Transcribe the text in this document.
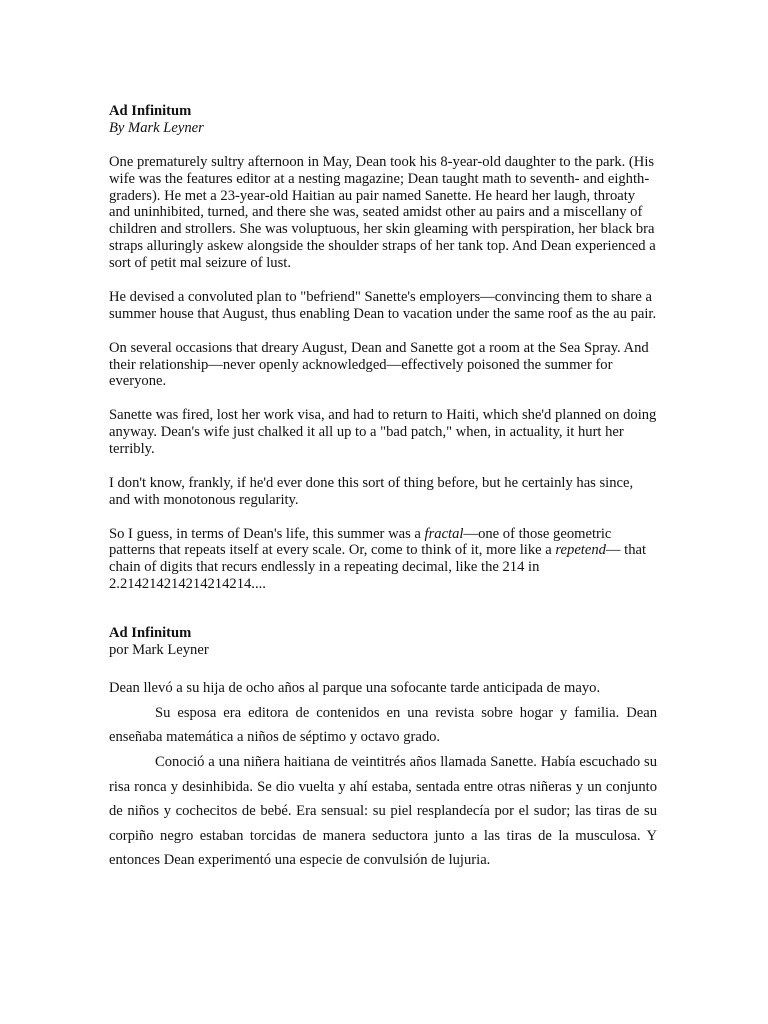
Ad Infinitum
By Mark Leyner

One prematurely sultry afternoon in May, Dean took his 8-year-old daughter to the park. (His wife was the features editor at a nesting magazine; Dean taught math to seventh- and eighth-graders). He met a 23-year-old Haitian au pair named Sanette. He heard her laugh, throaty and uninhibited, turned, and there she was, seated amidst other au pairs and a miscellany of children and strollers. She was voluptuous, her skin gleaming with perspiration, her black bra straps alluringly askew alongside the shoulder straps of her tank top. And Dean experienced a sort of petit mal seizure of lust.

He devised a convoluted plan to "befriend" Sanette's employers—convincing them to share a summer house that August, thus enabling Dean to vacation under the same roof as the au pair.

On several occasions that dreary August, Dean and Sanette got a room at the Sea Spray. And their relationship—never openly acknowledged—effectively poisoned the summer for everyone.

Sanette was fired, lost her work visa, and had to return to Haiti, which she'd planned on doing anyway. Dean's wife just chalked it all up to a "bad patch," when, in actuality, it hurt her terribly.

I don't know, frankly, if he'd ever done this sort of thing before, but he certainly has since, and with monotonous regularity.

So I guess, in terms of Dean's life, this summer was a fractal—one of those geometric patterns that repeats itself at every scale. Or, come to think of it, more like a repetend— that chain of digits that recurs endlessly in a repeating decimal, like the 214 in 2.214214214214214214....

Ad Infinitum
por Mark Leyner

Dean llevó a su hija de ocho años al parque una sofocante tarde anticipada de mayo.

Su esposa era editora de contenidos en una revista sobre hogar y familia. Dean enseñaba matemática a niños de séptimo y octavo grado.

Conoció a una niñera haitiana de veintitrés años llamada Sanette. Había escuchado su risa ronca y desinhibida. Se dio vuelta y ahí estaba, sentada entre otras niñeras y un conjunto de niños y cochecitos de bebé. Era sensual: su piel resplandecía por el sudor; las tiras de su corpiño negro estaban torcidas de manera seductora junto a las tiras de la musculosa. Y entonces Dean experimentó una especie de convulsión de lujuria.
